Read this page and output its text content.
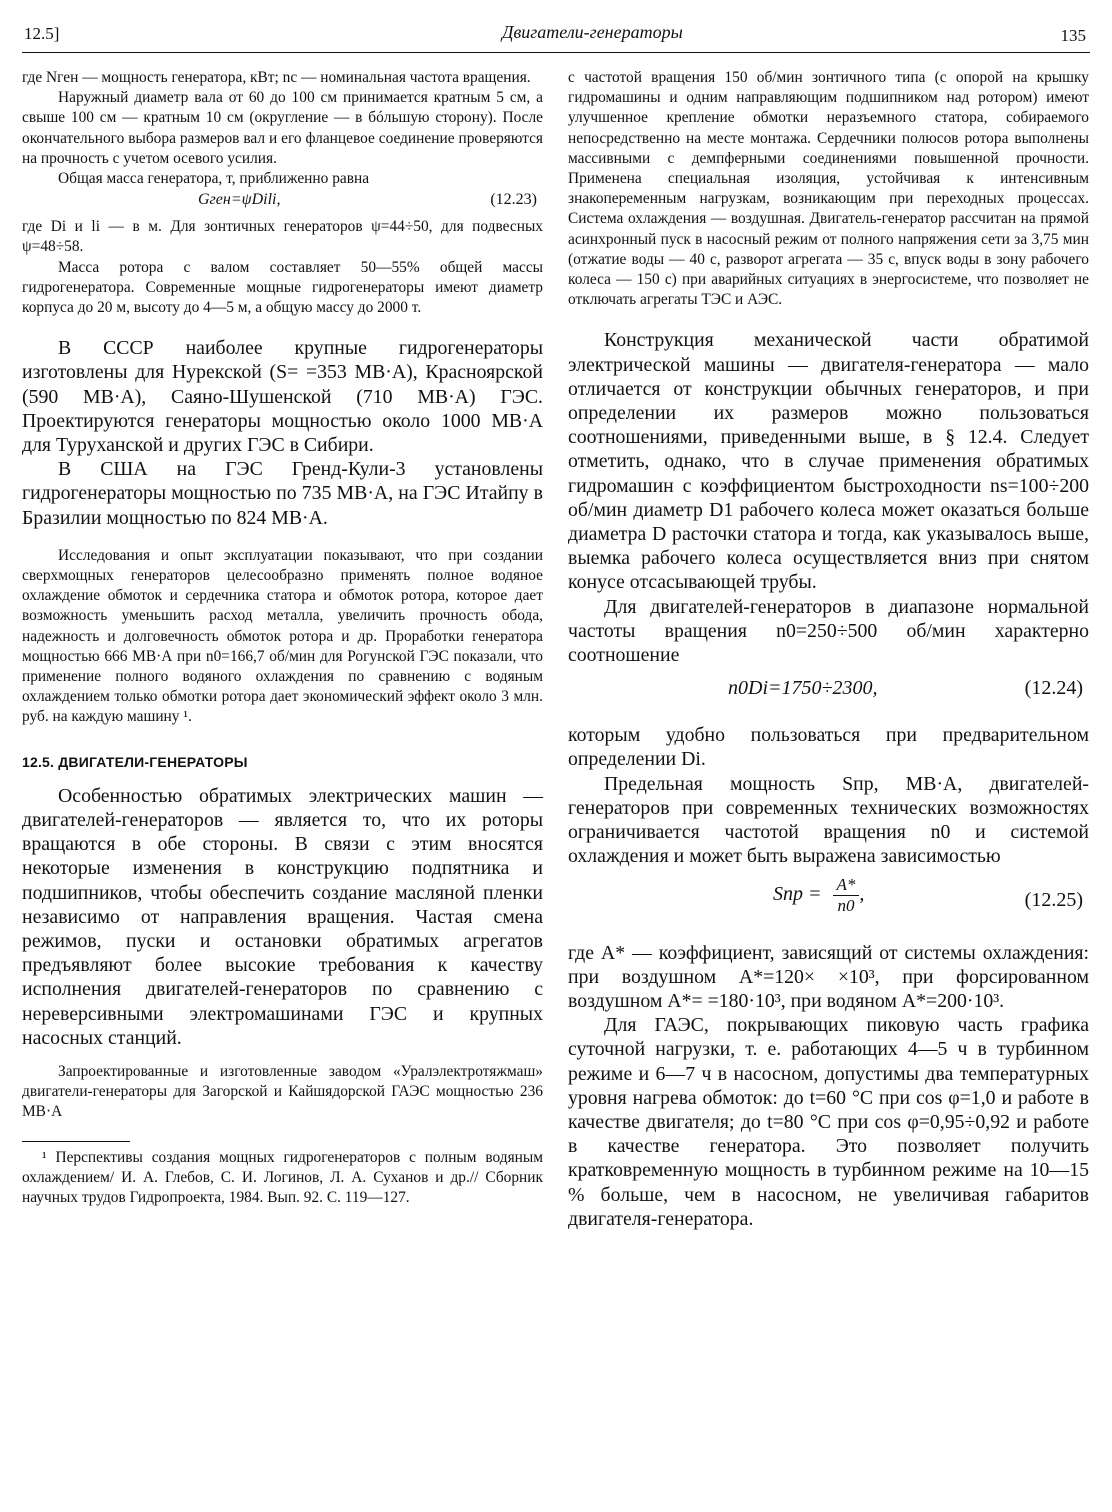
12.5]	Двигатели-генераторы	135

где Nген — мощность генератора, кВт; nс — номинальная частота вращения.

Наружный диаметр вала от 60 до 100 см принимается кратным 5 см, а свыше 100 см — кратным 10 см (округление — в бóльшую сторону). После окончательного выбора размеров вал и его фланцевое соединение проверяются на прочность с учетом осевого усилия.

Общая масса генератора, т, приближенно равна

Gген=ψDili,	(12.23)

где Di и li — в м. Для зонтичных генераторов ψ=44÷50, для подвесных ψ=48÷58.

Масса ротора с валом составляет 50—55% общей массы гидрогенератора. Современные мощные гидрогенераторы имеют диаметр корпуса до 20 м, высоту до 4—5 м, а общую массу до 2000 т.

В СССР наиболее крупные гидрогенераторы изготовлены для Нурекской (S= =353 МВ·А), Красноярской (590 МВ·А), Саяно-Шушенской (710 МВ·А) ГЭС. Проектируются генераторы мощностью около 1000 МВ·А для Туруханской и других ГЭС в Сибири.

В США на ГЭС Гренд-Кули-3 установлены гидрогенераторы мощностью по 735 МВ·А, на ГЭС Итайпу в Бразилии мощностью по 824 МВ·А.

Исследования и опыт эксплуатации показывают, что при создании сверхмощных генераторов целесообразно применять полное водяное охлаждение обмоток и сердечника статора и обмоток ротора, которое дает возможность уменьшить расход металла, увеличить прочность обода, надежность и долговечность обмоток ротора и др. Проработки генератора мощностью 666 МВ·А при n0=166,7 об/мин для Рогунской ГЭС показали, что применение полного водяного охлаждения по сравнению с водяным охлаждением только обмотки ротора дает экономический эффект около 3 млн. руб. на каждую машину ¹.

12.5. ДВИГАТЕЛИ-ГЕНЕРАТОРЫ

Особенностью обратимых электрических машин — двигателей-генераторов — является то, что их роторы вращаются в обе стороны. В связи с этим вносятся некоторые изменения в конструкцию подпятника и подшипников, чтобы обеспечить создание масляной пленки независимо от направления вращения. Частая смена режимов, пуски и остановки обратимых агрегатов предъявляют более высокие требования к качеству исполнения двигателей-генераторов по сравнению с нереверсивными электромашинами ГЭС и крупных насосных станций.

Запроектированные и изготовленные заводом «Уралэлектротяжмаш» двигатели-генераторы для Загорской и Кайшядорской ГАЭС мощностью 236 МВ·А

¹ Перспективы создания мощных гидрогенераторов с полным водяным охлаждением/ И. А. Глебов, С. И. Логинов, Л. А. Суханов и др.// Сборник научных трудов Гидропроекта, 1984. Вып. 92. С. 119—127.

с частотой вращения 150 об/мин зонтичного типа (с опорой на крышку гидромашины и одним направляющим подшипником над ротором) имеют улучшенное крепление обмотки неразъемного статора, собираемого непосредственно на месте монтажа. Сердечники полюсов ротора выполнены массивными с демпферными соединениями повышенной прочности. Применена специальная изоляция, устойчивая к интенсивным знакопеременным нагрузкам, возникающим при переходных процессах. Система охлаждения — воздушная. Двигатель-генератор рассчитан на прямой асинхронный пуск в насосный режим от полного напряжения сети за 3,75 мин (отжатие воды — 40 с, разворот агрегата — 35 с, впуск воды в зону рабочего колеса — 150 с) при аварийных ситуациях в энергосистеме, что позволяет не отключать агрегаты ТЭС и АЭС.

Конструкция механической части обратимой электрической машины — двигателя-генератора — мало отличается от конструкции обычных генераторов, и при определении их размеров можно пользоваться соотношениями, приведенными выше, в § 12.4. Следует отметить, однако, что в случае применения обратимых гидромашин с коэффициентом быстроходности ns=100÷200 об/мин диаметр D1 рабочего колеса может оказаться больше диаметра D расточки статора и тогда, как указывалось выше, выемка рабочего колеса осуществляется вниз при снятом конусе отсасывающей трубы.

Для двигателей-генераторов в диапазоне нормальной частоты вращения n0=250÷500 об/мин характерно соотношение

n0Di=1750÷2300,	(12.24)

которым удобно пользоваться при предварительном определении Di.

Предельная мощность Sпр, МВ·А, двигателей-генераторов при современных технических возможностях ограничивается частотой вращения n0 и системой охлаждения и может быть выражена зависимостью

Sпр = $\frac{A*}{n0}$ ,	(12.25)

где A* — коэффициент, зависящий от системы охлаждения: при воздушном A*=120× ×10³, при форсированном воздушном A*= =180·10³, при водяном A*=200·10³.

Для ГАЭС, покрывающих пиковую часть графика суточной нагрузки, т. е. работающих 4—5 ч в турбинном режиме и 6—7 ч в насосном, допустимы два температурных уровня нагрева обмоток: до t=60 °С при cos φ=1,0 и работе в качестве двигателя; до t=80 °С при cos φ=0,95÷0,92 и работе в качестве генератора. Это позволяет получить кратковременную мощность в турбинном режиме на 10—15 % больше, чем в насосном, не увеличивая габаритов двигателя-генератора.
